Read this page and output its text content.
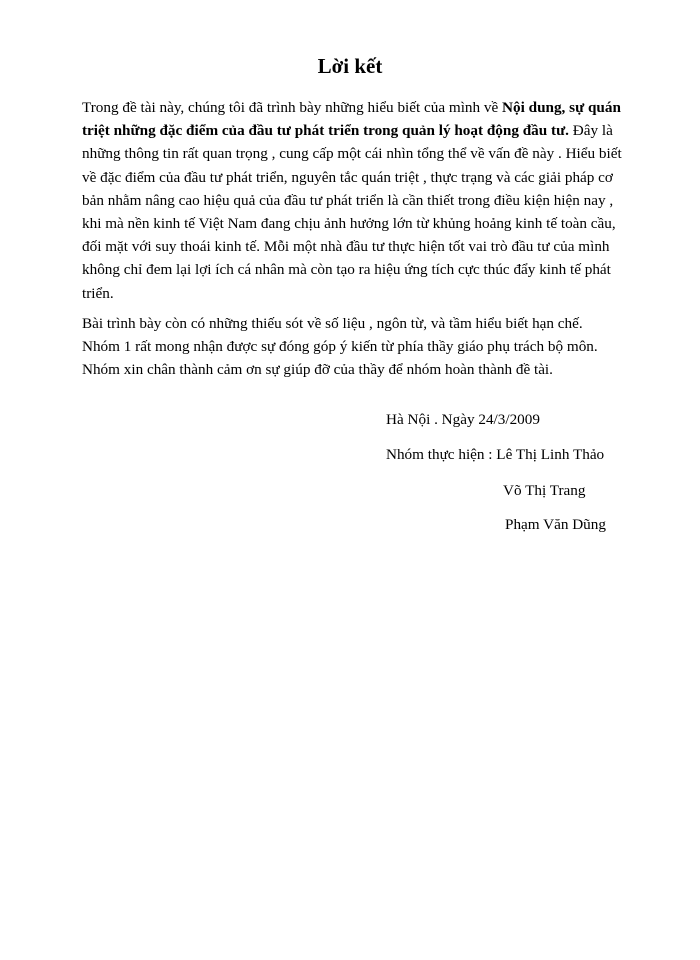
Lời kết
Trong đề tài này, chúng tôi đã trình bày những hiểu biết của mình về Nội dung, sự quán triệt những đặc điểm của đầu tư phát triển trong quản lý hoạt động đầu tư. Đây là những thông tin rất quan trọng , cung cấp một cái nhìn tổng thể về vấn đề này . Hiểu biết về đặc điểm của đầu tư phát triển, nguyên tắc quán triệt , thực trạng và các giải pháp cơ bản nhằm nâng cao hiệu quả của đầu tư phát triển là cần thiết trong điều kiện hiện nay , khi mà nền kinh tế Việt Nam đang chịu ảnh hưởng lớn từ khủng hoảng kinh tế toàn cầu, đối mặt với suy thoái kinh tế. Mỗi một nhà đầu tư thực hiện tốt vai trò đầu tư của mình không chỉ đem lại lợi ích cá nhân mà còn tạo ra hiệu ứng tích cực thúc đẩy kinh tế phát triển.
Bài trình bày còn có những thiếu sót về số liệu , ngôn từ, và tầm hiểu biết hạn chế. Nhóm 1 rất mong nhận được sự đóng góp ý kiến từ phía thầy giáo phụ trách bộ môn. Nhóm xin chân thành cảm ơn sự giúp đỡ của thầy để nhóm hoàn thành đề tài.
Hà Nội . Ngày 24/3/2009
Nhóm thực hiện : Lê Thị Linh Thảo
Võ Thị Trang
Phạm Văn Dũng
